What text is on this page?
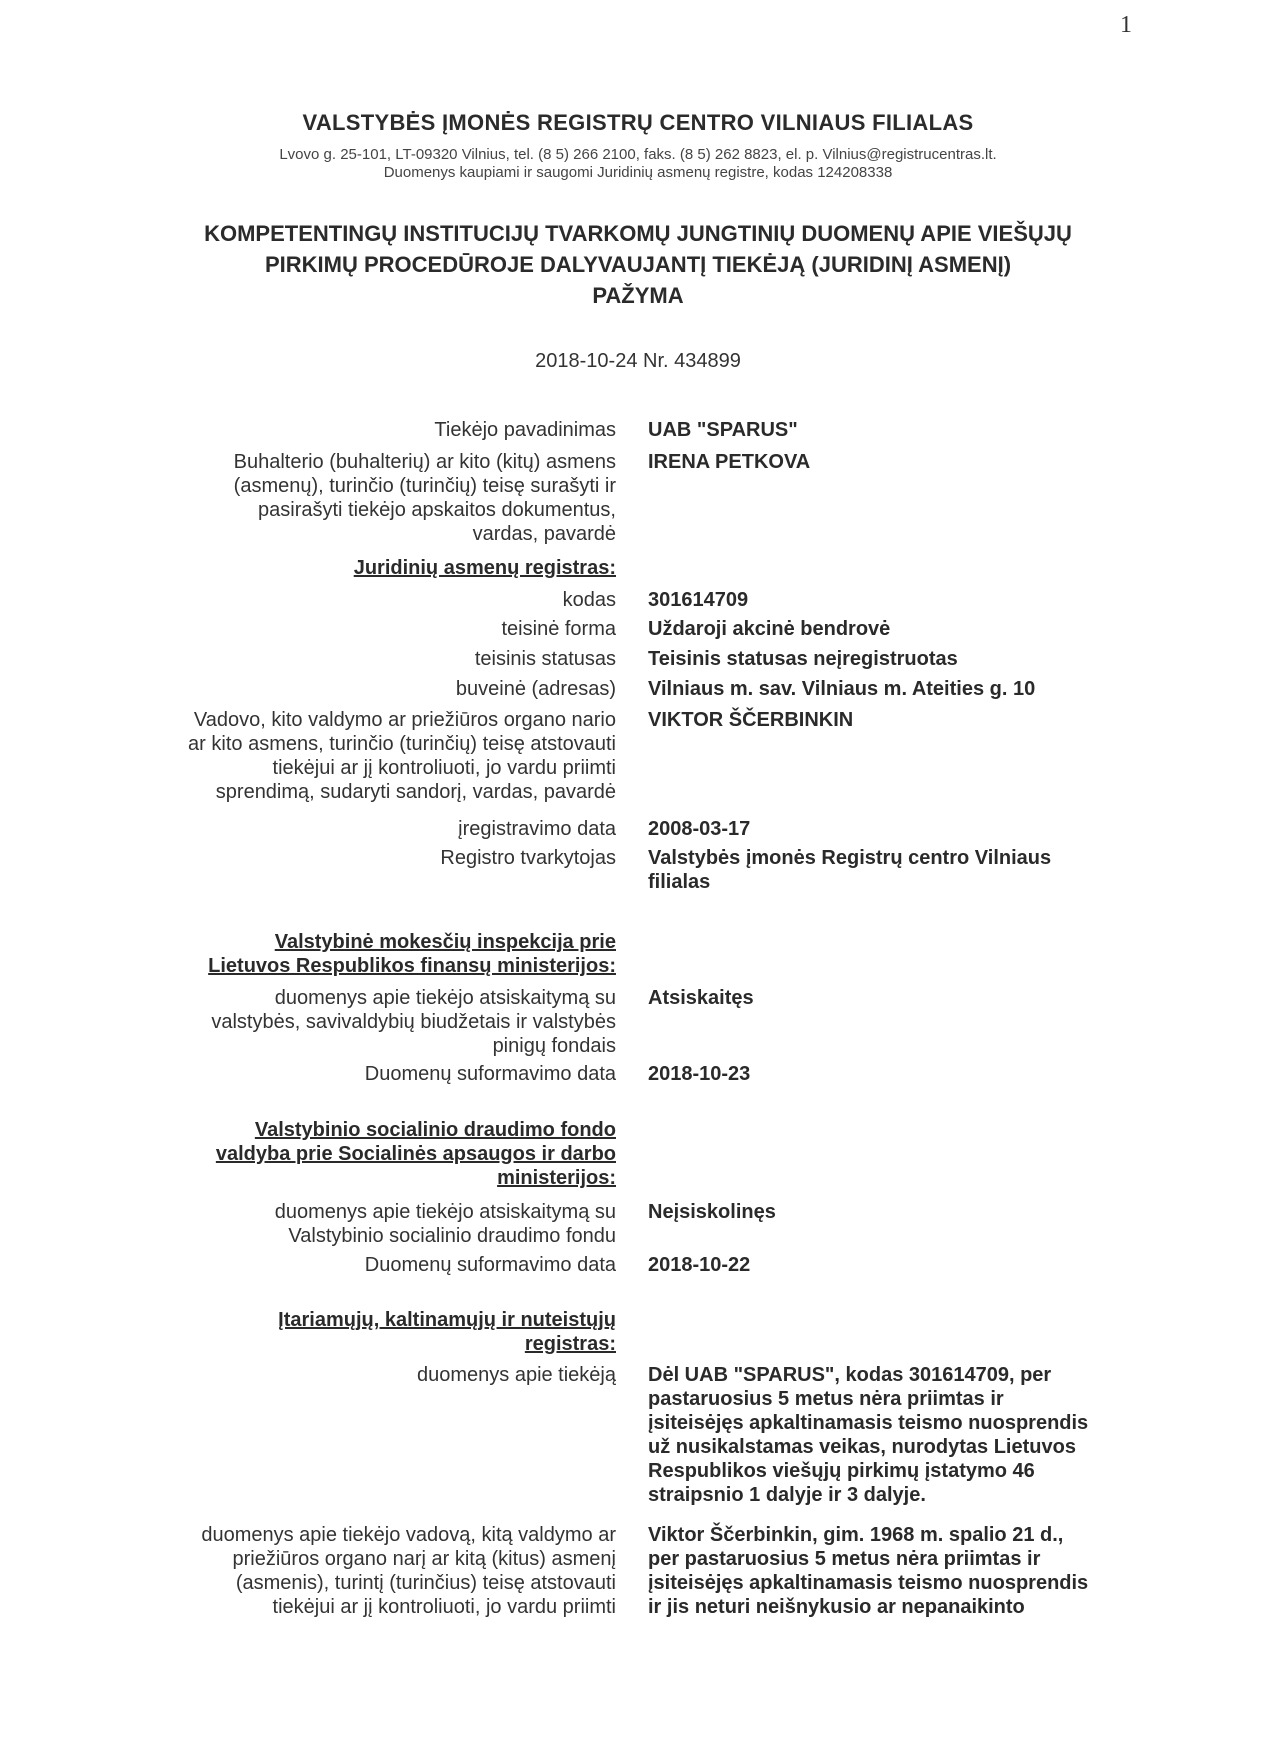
1
VALSTYBĖS ĮMONĖS REGISTRŲ CENTRO VILNIAUS FILIALAS
Lvovo g. 25-101, LT-09320 Vilnius, tel. (8 5) 266 2100, faks. (8 5) 262 8823, el. p. Vilnius@registrucentras.lt.
Duomenys kaupiami ir saugomi Juridinių asmenų registre, kodas 124208338
KOMPETENTINGŲ INSTITUCIJŲ TVARKOMŲ JUNGTINIŲ DUOMENŲ APIE VIEŠŲJŲ
PIRKIMŲ PROCEDŪROJE DALYVAUJANTĮ TIEKĖJĄ (JURIDINĮ ASMENĮ)
PAŽYMA
2018-10-24 Nr. 434899
Tiekėjo pavadinimas UAB "SPARUS"
Buhalterio (buhalterių) ar kito (kitų) asmens
(asmenų), turinčio (turinčių) teisę surašyti ir
pasirašyti tiekėjo apskaitos dokumentus,
vardas, pavardė
IRENA PETKOVA
Juridinių asmenų registras:
kodas 301614709
teisinė forma Uždaroji akcinė bendrovė
teisinis statusas Teisinis statusas neįregistruotas
buveinė (adresas) Vilniaus m. sav. Vilniaus m. Ateities g. 10
Vadovo, kito valdymo ar priežiūros organo nario
ar kito asmens, turinčio (turinčių) teisę atstovauti
tiekėjui ar jį kontroliuoti, jo vardu priimti
sprendimą, sudaryti sandorį, vardas, pavardė
VIKTOR ŠČERBINKIN
įregistravimo data 2008-03-17
Registro tvarkytojas Valstybės įmonės Registrų centro Vilniaus
filialas
Valstybinė mokesčių inspekcija prie
Lietuvos Respublikos finansų ministerijos:
duomenys apie tiekėjo atsiskaitymą su
valstybės, savivaldybių biudžetais ir valstybės
pinigų fondais
Atsiskaitęs
Duomenų suformavimo data 2018-10-23
Valstybinio socialinio draudimo fondo
valdyba prie Socialinės apsaugos ir darbo
ministerijos:
duomenys apie tiekėjo atsiskaitymą su
Valstybinio socialinio draudimo fondu
Neįsiskolinęs
Duomenų suformavimo data 2018-10-22
Įtariamųjų, kaltinamųjų ir nuteistųjų
registras:
duomenys apie tiekėją Dėl UAB "SPARUS", kodas 301614709, per
pastaruosius 5 metus nėra priimtas ir
įsiteisėjęs apkaltinamasis teismo nuosprendis
už nusikalstamas veikas, nurodytas Lietuvos
Respublikos viešųjų pirkimų įstatymo 46
straipsnio 1 dalyje ir 3 dalyje.
duomenys apie tiekėjo vadovą, kitą valdymo ar
priežiūros organo narį ar kitą (kitus) asmenį
(asmenis), turintį (turinčius) teisę atstovauti
tiekėjui ar jį kontroliuoti, jo vardu priimti
Viktor Ščerbinkin, gim. 1968 m. spalio 21 d.,
per pastaruosius 5 metus nėra priimtas ir
įsiteisėjęs apkaltinamasis teismo nuosprendis
ir jis neturi neišnykusio ar nepanaikinto
